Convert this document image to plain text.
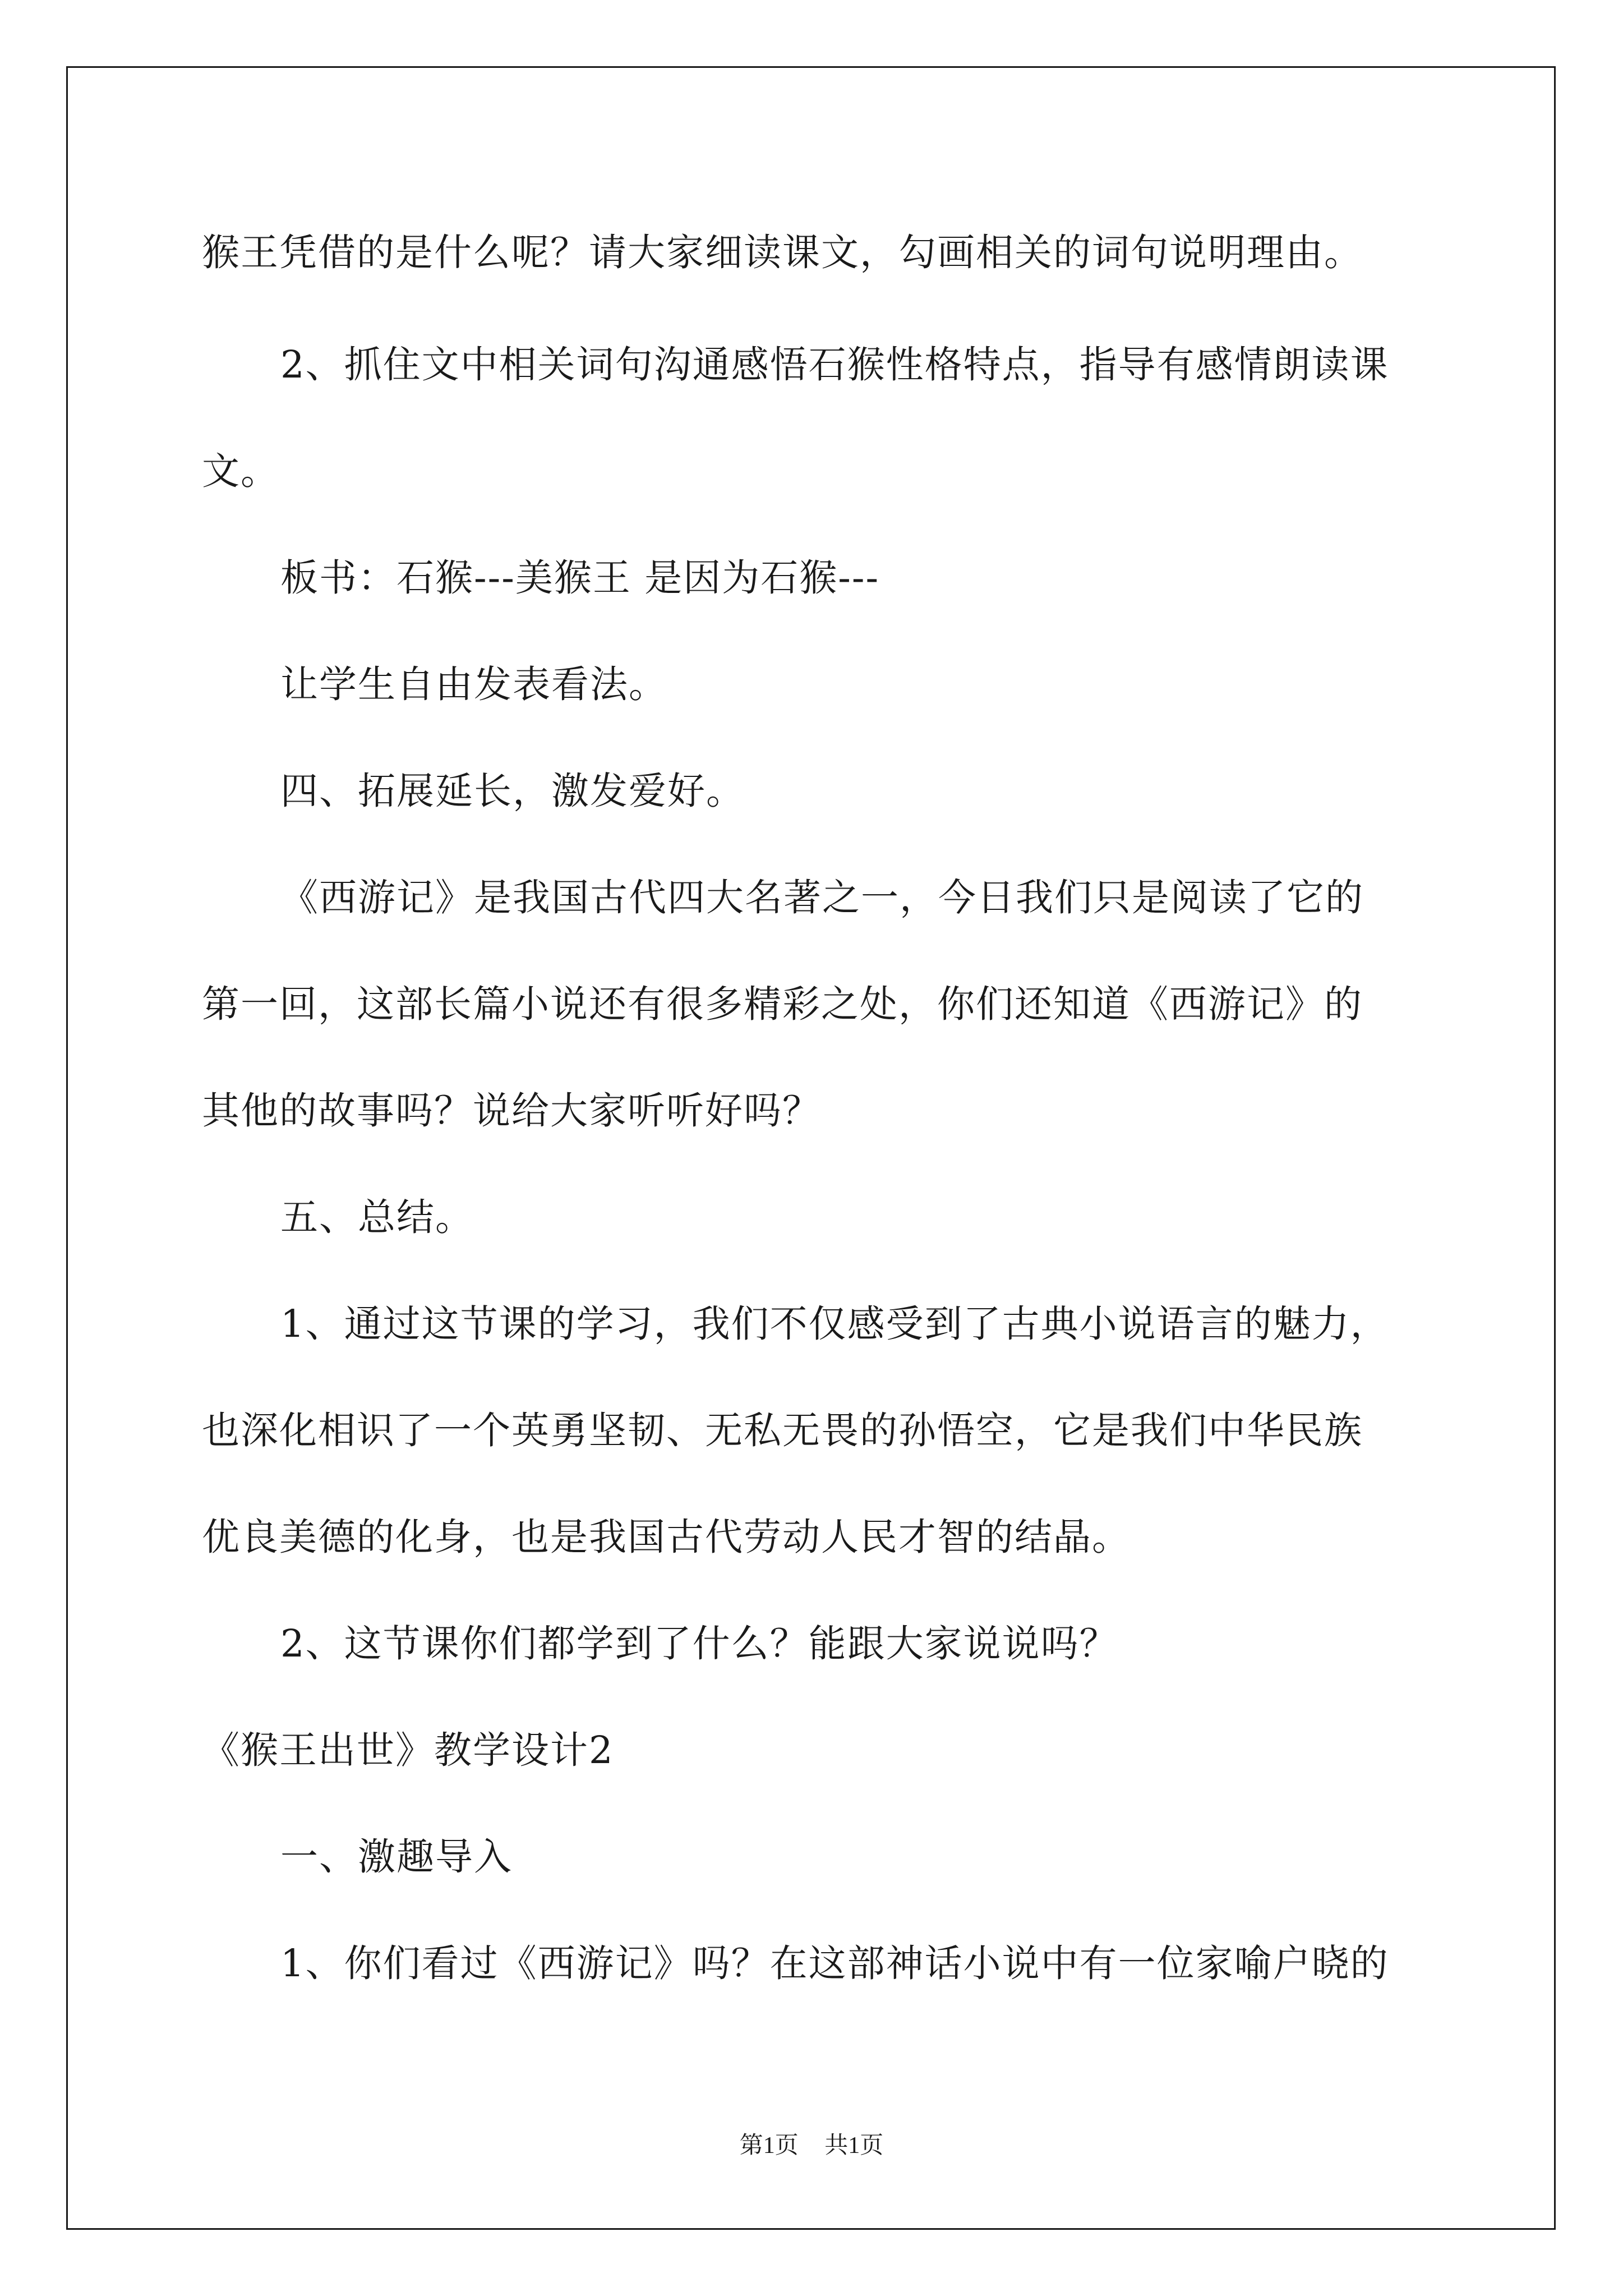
猴王凭借的是什么呢？请大家细读课文，勾画相关的词句说明理由。
2、抓住文中相关词句沟通感悟石猴性格特点，指导有感情朗读课
文。
板书：石猴---美猴王 是因为石猴---
让学生自由发表看法。
四、拓展延长，激发爱好。
《西游记》是我国古代四大名著之一，今日我们只是阅读了它的
第一回，这部长篇小说还有很多精彩之处，你们还知道《西游记》的
其他的故事吗？说给大家听听好吗？
五、总结。
1、通过这节课的学习，我们不仅感受到了古典小说语言的魅力，
也深化相识了一个英勇坚韧、无私无畏的孙悟空，它是我们中华民族
优良美德的化身，也是我国古代劳动人民才智的结晶。
2、这节课你们都学到了什么？能跟大家说说吗？
《猴王出世》教学设计2
一、激趣导入
1、你们看过《西游记》吗？在这部神话小说中有一位家喻户晓的
第1页 共1页
